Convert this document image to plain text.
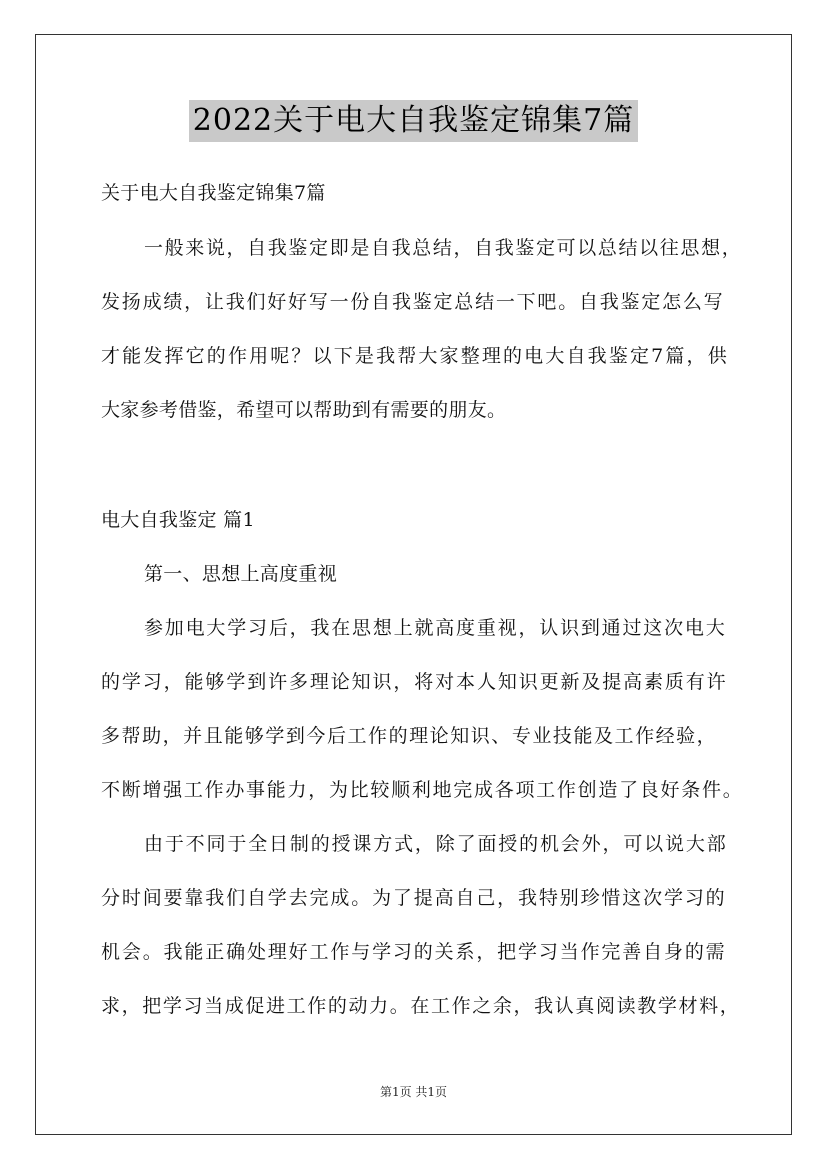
2022关于电大自我鉴定锦集7篇
关于电大自我鉴定锦集7篇
一般来说，自我鉴定即是自我总结，自我鉴定可以总结以往思想，
发扬成绩，让我们好好写一份自我鉴定总结一下吧。自我鉴定怎么写
才能发挥它的作用呢？以下是我帮大家整理的电大自我鉴定7篇，供
大家参考借鉴，希望可以帮助到有需要的朋友。
电大自我鉴定 篇1
第一、思想上高度重视
参加电大学习后，我在思想上就高度重视，认识到通过这次电大
的学习，能够学到许多理论知识，将对本人知识更新及提高素质有许
多帮助，并且能够学到今后工作的理论知识、专业技能及工作经验，
不断增强工作办事能力，为比较顺利地完成各项工作创造了良好条件。
由于不同于全日制的授课方式，除了面授的机会外，可以说大部
分时间要靠我们自学去完成。为了提高自己，我特别珍惜这次学习的
机会。我能正确处理好工作与学习的关系，把学习当作完善自身的需
求，把学习当成促进工作的动力。在工作之余，我认真阅读教学材料，
第1页 共1页
